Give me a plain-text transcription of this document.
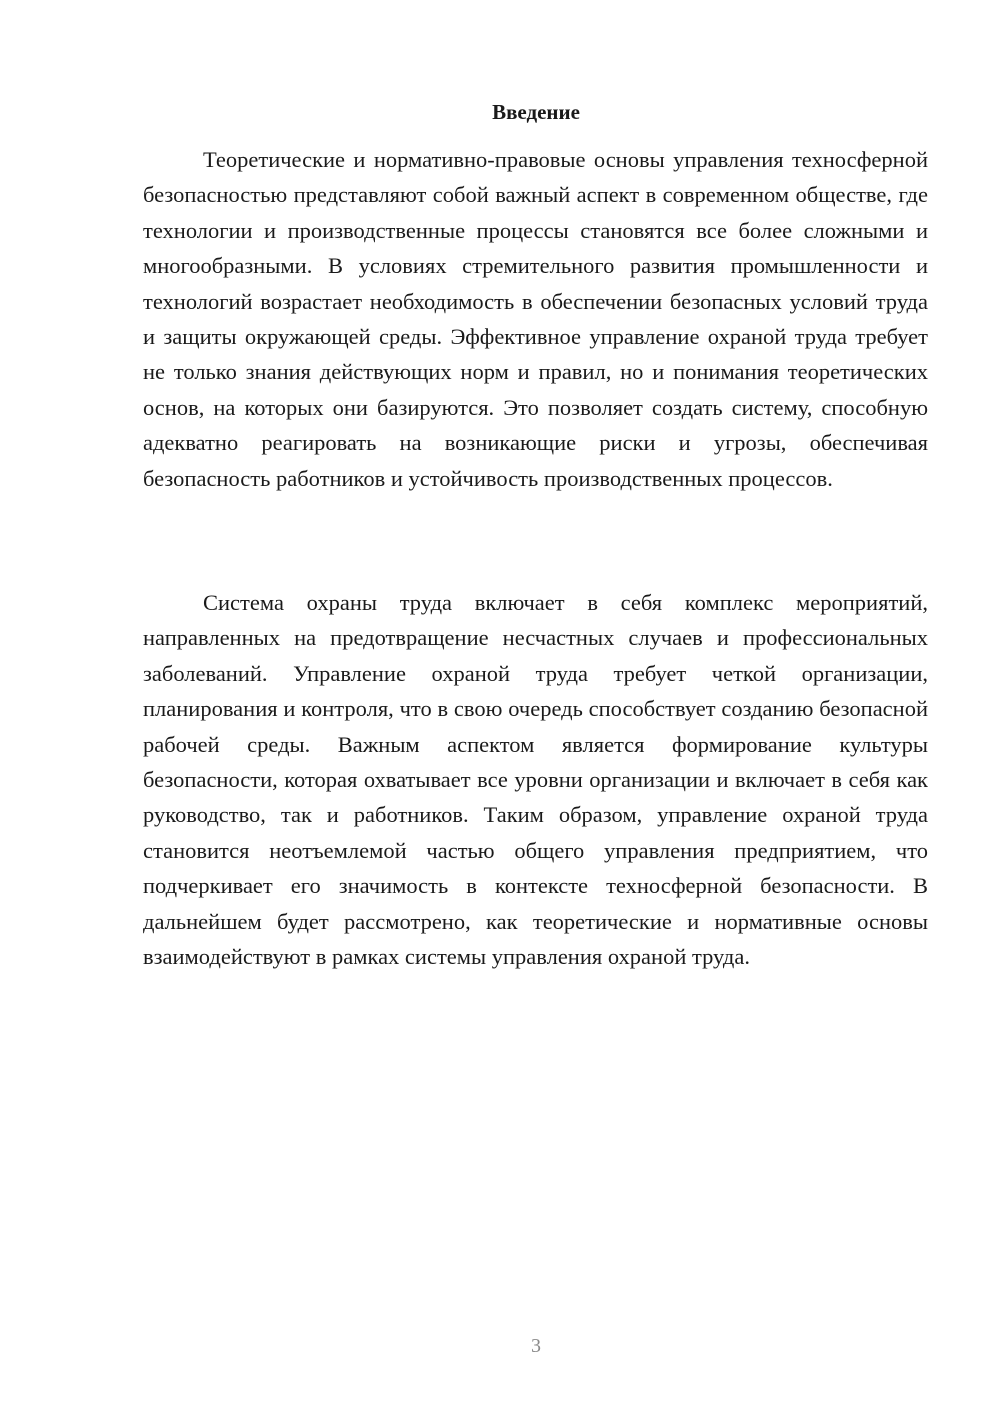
Введение

Теоретические и нормативно-правовые основы управления техносферной безопасностью представляют собой важный аспект в современном обществе, где технологии и производственные процессы становятся все более сложными и многообразными. В условиях стремительного развития промышленности и технологий возрастает необходимость в обеспечении безопасных условий труда и защиты окружающей среды. Эффективное управление охраной труда требует не только знания действующих норм и правил, но и понимания теоретических основ, на которых они базируются. Это позволяет создать систему, способную адекватно реагировать на возникающие риски и угрозы, обеспечивая безопасность работников и устойчивость производственных процессов.

Система охраны труда включает в себя комплекс мероприятий, направленных на предотвращение несчастных случаев и профессиональных заболеваний. Управление охраной труда требует четкой организации, планирования и контроля, что в свою очередь способствует созданию безопасной рабочей среды. Важным аспектом является формирование культуры безопасности, которая охватывает все уровни организации и включает в себя как руководство, так и работников. Таким образом, управление охраной труда становится неотъемлемой частью общего управления предприятием, что подчеркивает его значимость в контексте техносферной безопасности. В дальнейшем будет рассмотрено, как теоретические и нормативные основы взаимодействуют в рамках системы управления охраной труда.

3
